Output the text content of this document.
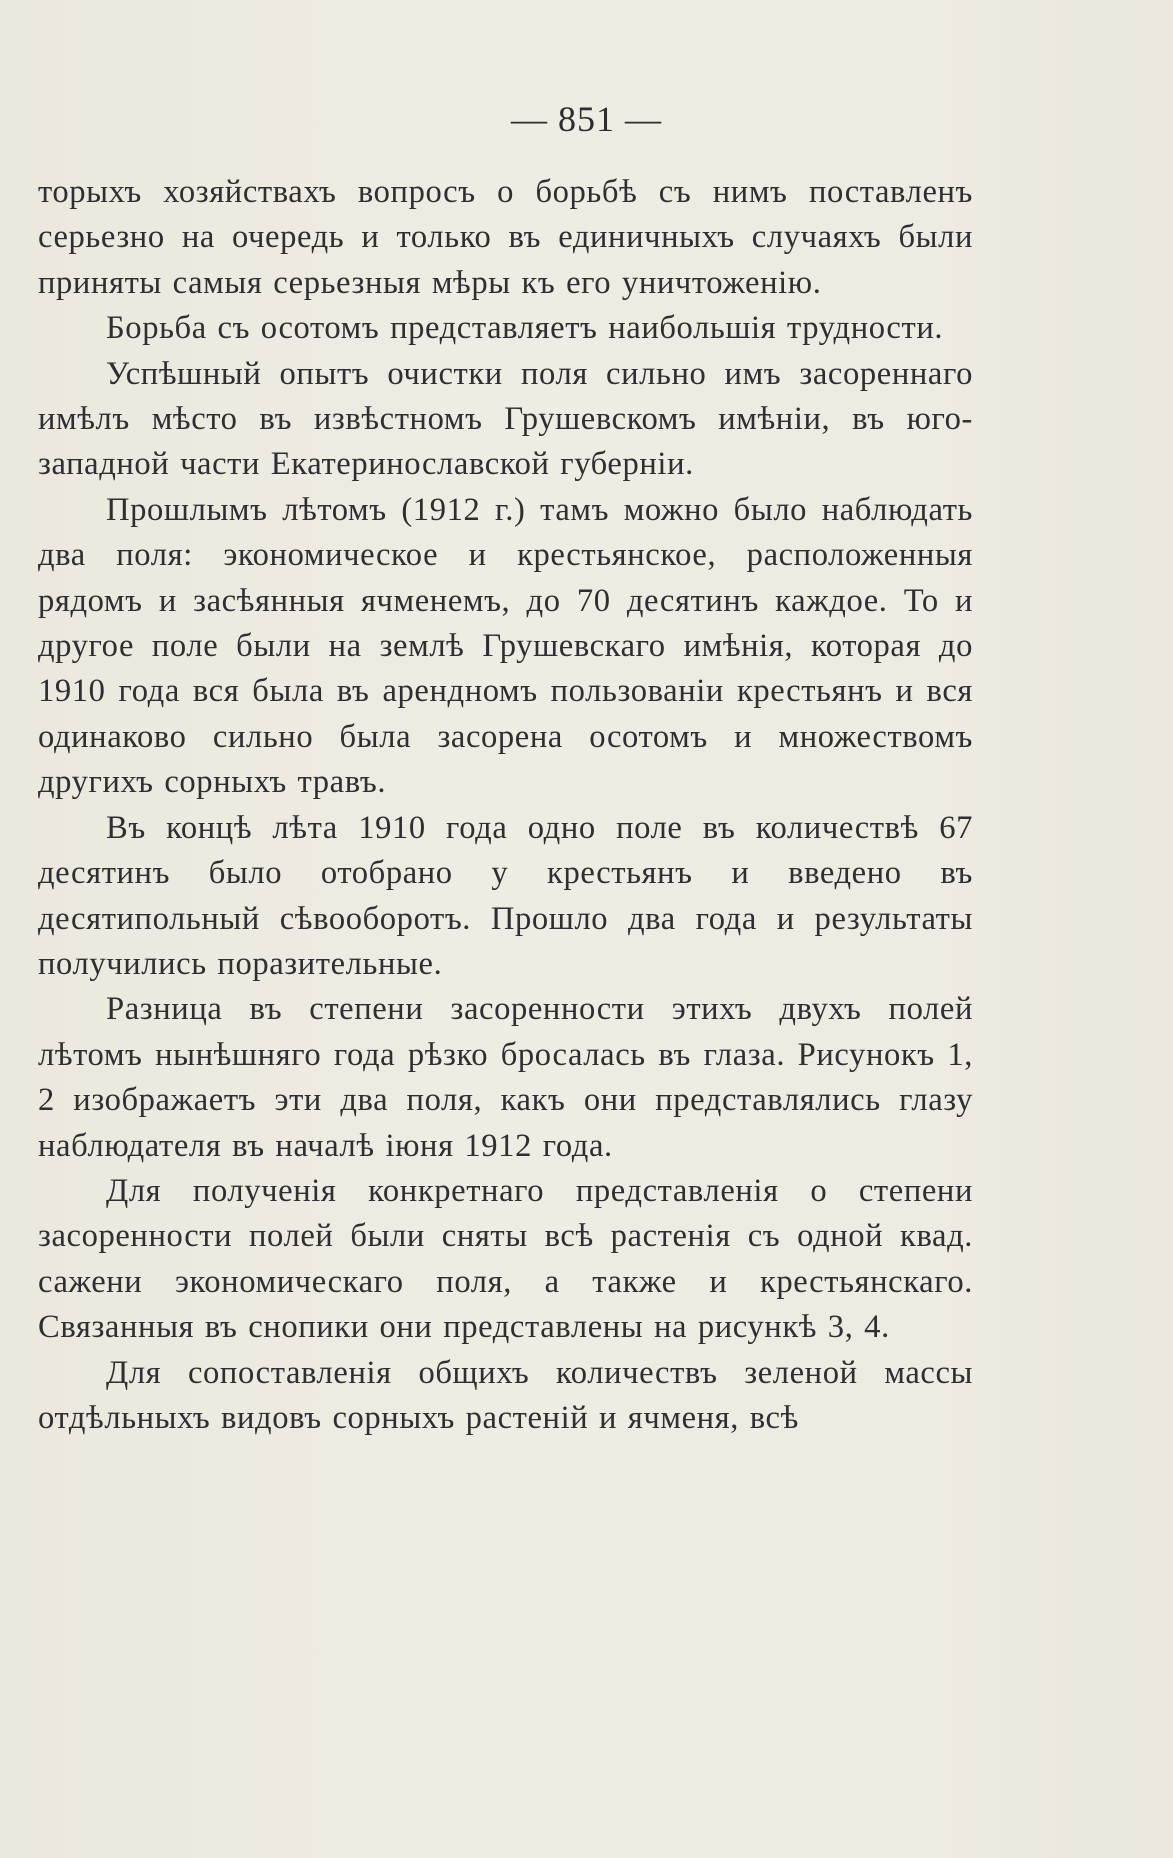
— 851 —

торыхъ хозяйствахъ вопросъ о борьбѣ съ нимъ поставленъ серьезно на очередь и только въ единичныхъ случаяхъ были приняты самыя серьезныя мѣры къ его уничтоженію.

Борьба съ осотомъ представляетъ наибольшія трудности.

Успѣшный опытъ очистки поля сильно имъ засореннаго имѣлъ мѣсто въ извѣстномъ Грушевскомъ имѣніи, въ юго-западной части Екатеринославской губерніи.

Прошлымъ лѣтомъ (1912 г.) тамъ можно было наблюдать два поля: экономическое и крестьянское, расположенныя рядомъ и засѣянныя ячменемъ, до 70 десятинъ каждое. То и другое поле были на землѣ Грушевскаго имѣнія, которая до 1910 года вся была въ арендномъ пользованіи крестьянъ и вся одинаково сильно была засорена осотомъ и множествомъ другихъ сорныхъ травъ.

Въ концѣ лѣта 1910 года одно поле въ количествѣ 67 десятинъ было отобрано у крестьянъ и введено въ десятипольный сѣвооборотъ. Прошло два года и результаты получились поразительные.

Разница въ степени засоренности этихъ двухъ полей лѣтомъ нынѣшняго года рѣзко бросалась въ глаза. Рисунокъ 1, 2 изображаетъ эти два поля, какъ они представлялись глазу наблюдателя въ началѣ іюня 1912 года.

Для полученія конкретнаго представленія о степени засоренности полей были сняты всѣ растенія съ одной квад. сажени экономическаго поля, а также и крестьянскаго. Связанныя въ снопики они представлены на рисункѣ 3, 4.

Для сопоставленія общихъ количествъ зеленой массы отдѣльныхъ видовъ сорныхъ растеній и ячменя, всѣ
